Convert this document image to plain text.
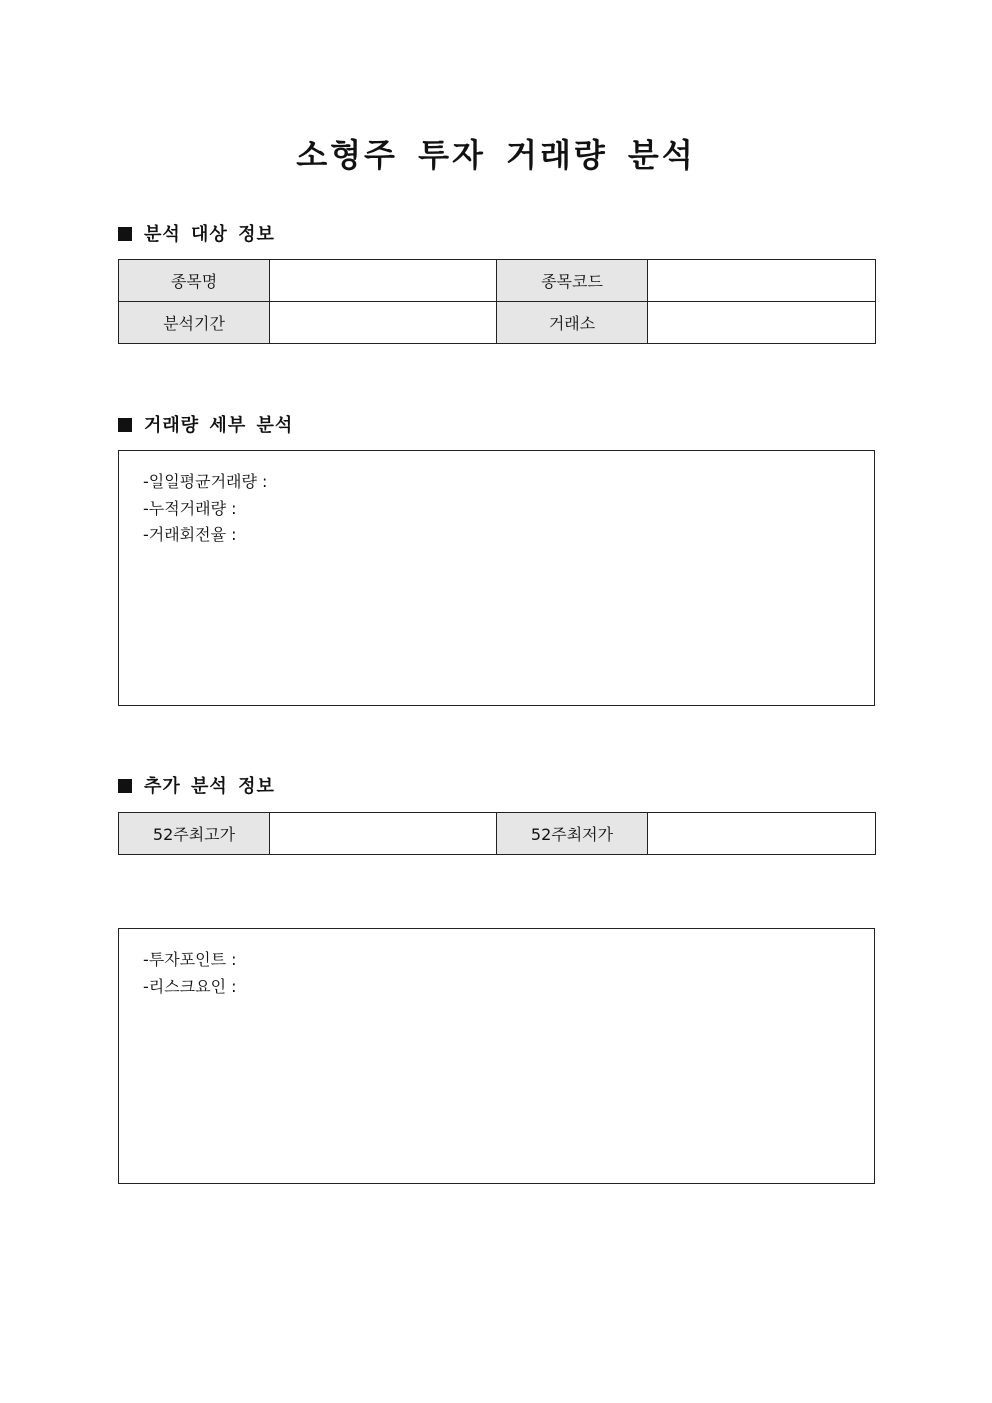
소형주 투자 거래량 분석
분석 대상 정보
종목명		종목코드	
분석기간		거래소	
거래량 세부 분석
-일일평균거래량 :
-누적거래량 :
-거래회전율 :
추가 분석 정보
52주최고가		52주최저가	
-투자포인트 :
-리스크요인 :
